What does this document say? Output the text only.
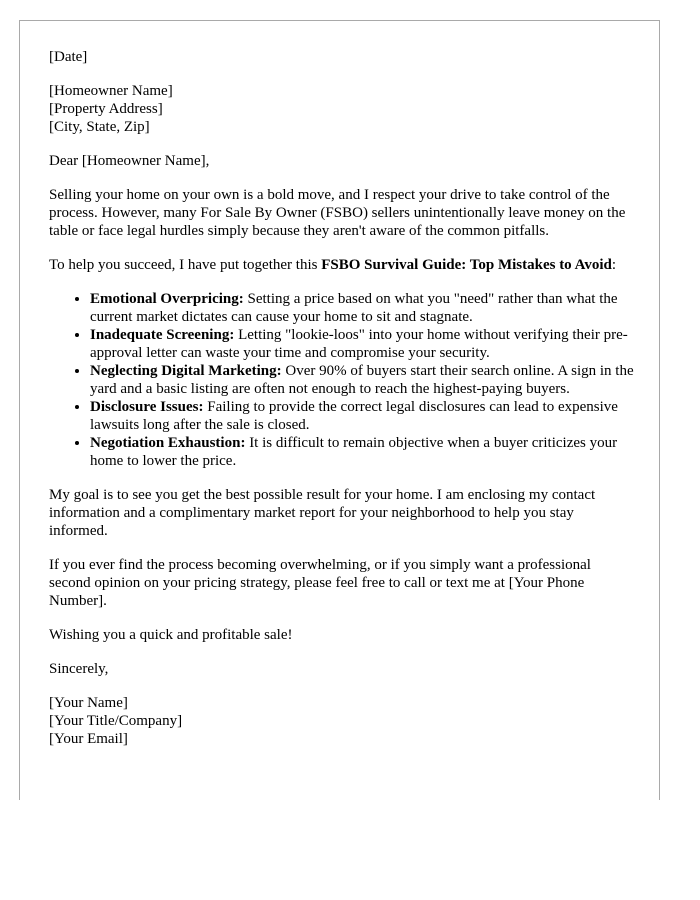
[Date]

[Homeowner Name]
[Property Address]
[City, State, Zip]

Dear [Homeowner Name],

Selling your home on your own is a bold move, and I respect your drive to take control of the process. However, many For Sale By Owner (FSBO) sellers unintentionally leave money on the table or face legal hurdles simply because they aren't aware of the common pitfalls.

To help you succeed, I have put together this FSBO Survival Guide: Top Mistakes to Avoid:

• Emotional Overpricing: Setting a price based on what you "need" rather than what the current market dictates can cause your home to sit and stagnate.
• Inadequate Screening: Letting "lookie-loos" into your home without verifying their pre-approval letter can waste your time and compromise your security.
• Neglecting Digital Marketing: Over 90% of buyers start their search online. A sign in the yard and a basic listing are often not enough to reach the highest-paying buyers.
• Disclosure Issues: Failing to provide the correct legal disclosures can lead to expensive lawsuits long after the sale is closed.
• Negotiation Exhaustion: It is difficult to remain objective when a buyer criticizes your home to lower the price.

My goal is to see you get the best possible result for your home. I am enclosing my contact information and a complimentary market report for your neighborhood to help you stay informed.

If you ever find the process becoming overwhelming, or if you simply want a professional second opinion on your pricing strategy, please feel free to call or text me at [Your Phone Number].

Wishing you a quick and profitable sale!

Sincerely,

[Your Name]
[Your Title/Company]
[Your Email]
